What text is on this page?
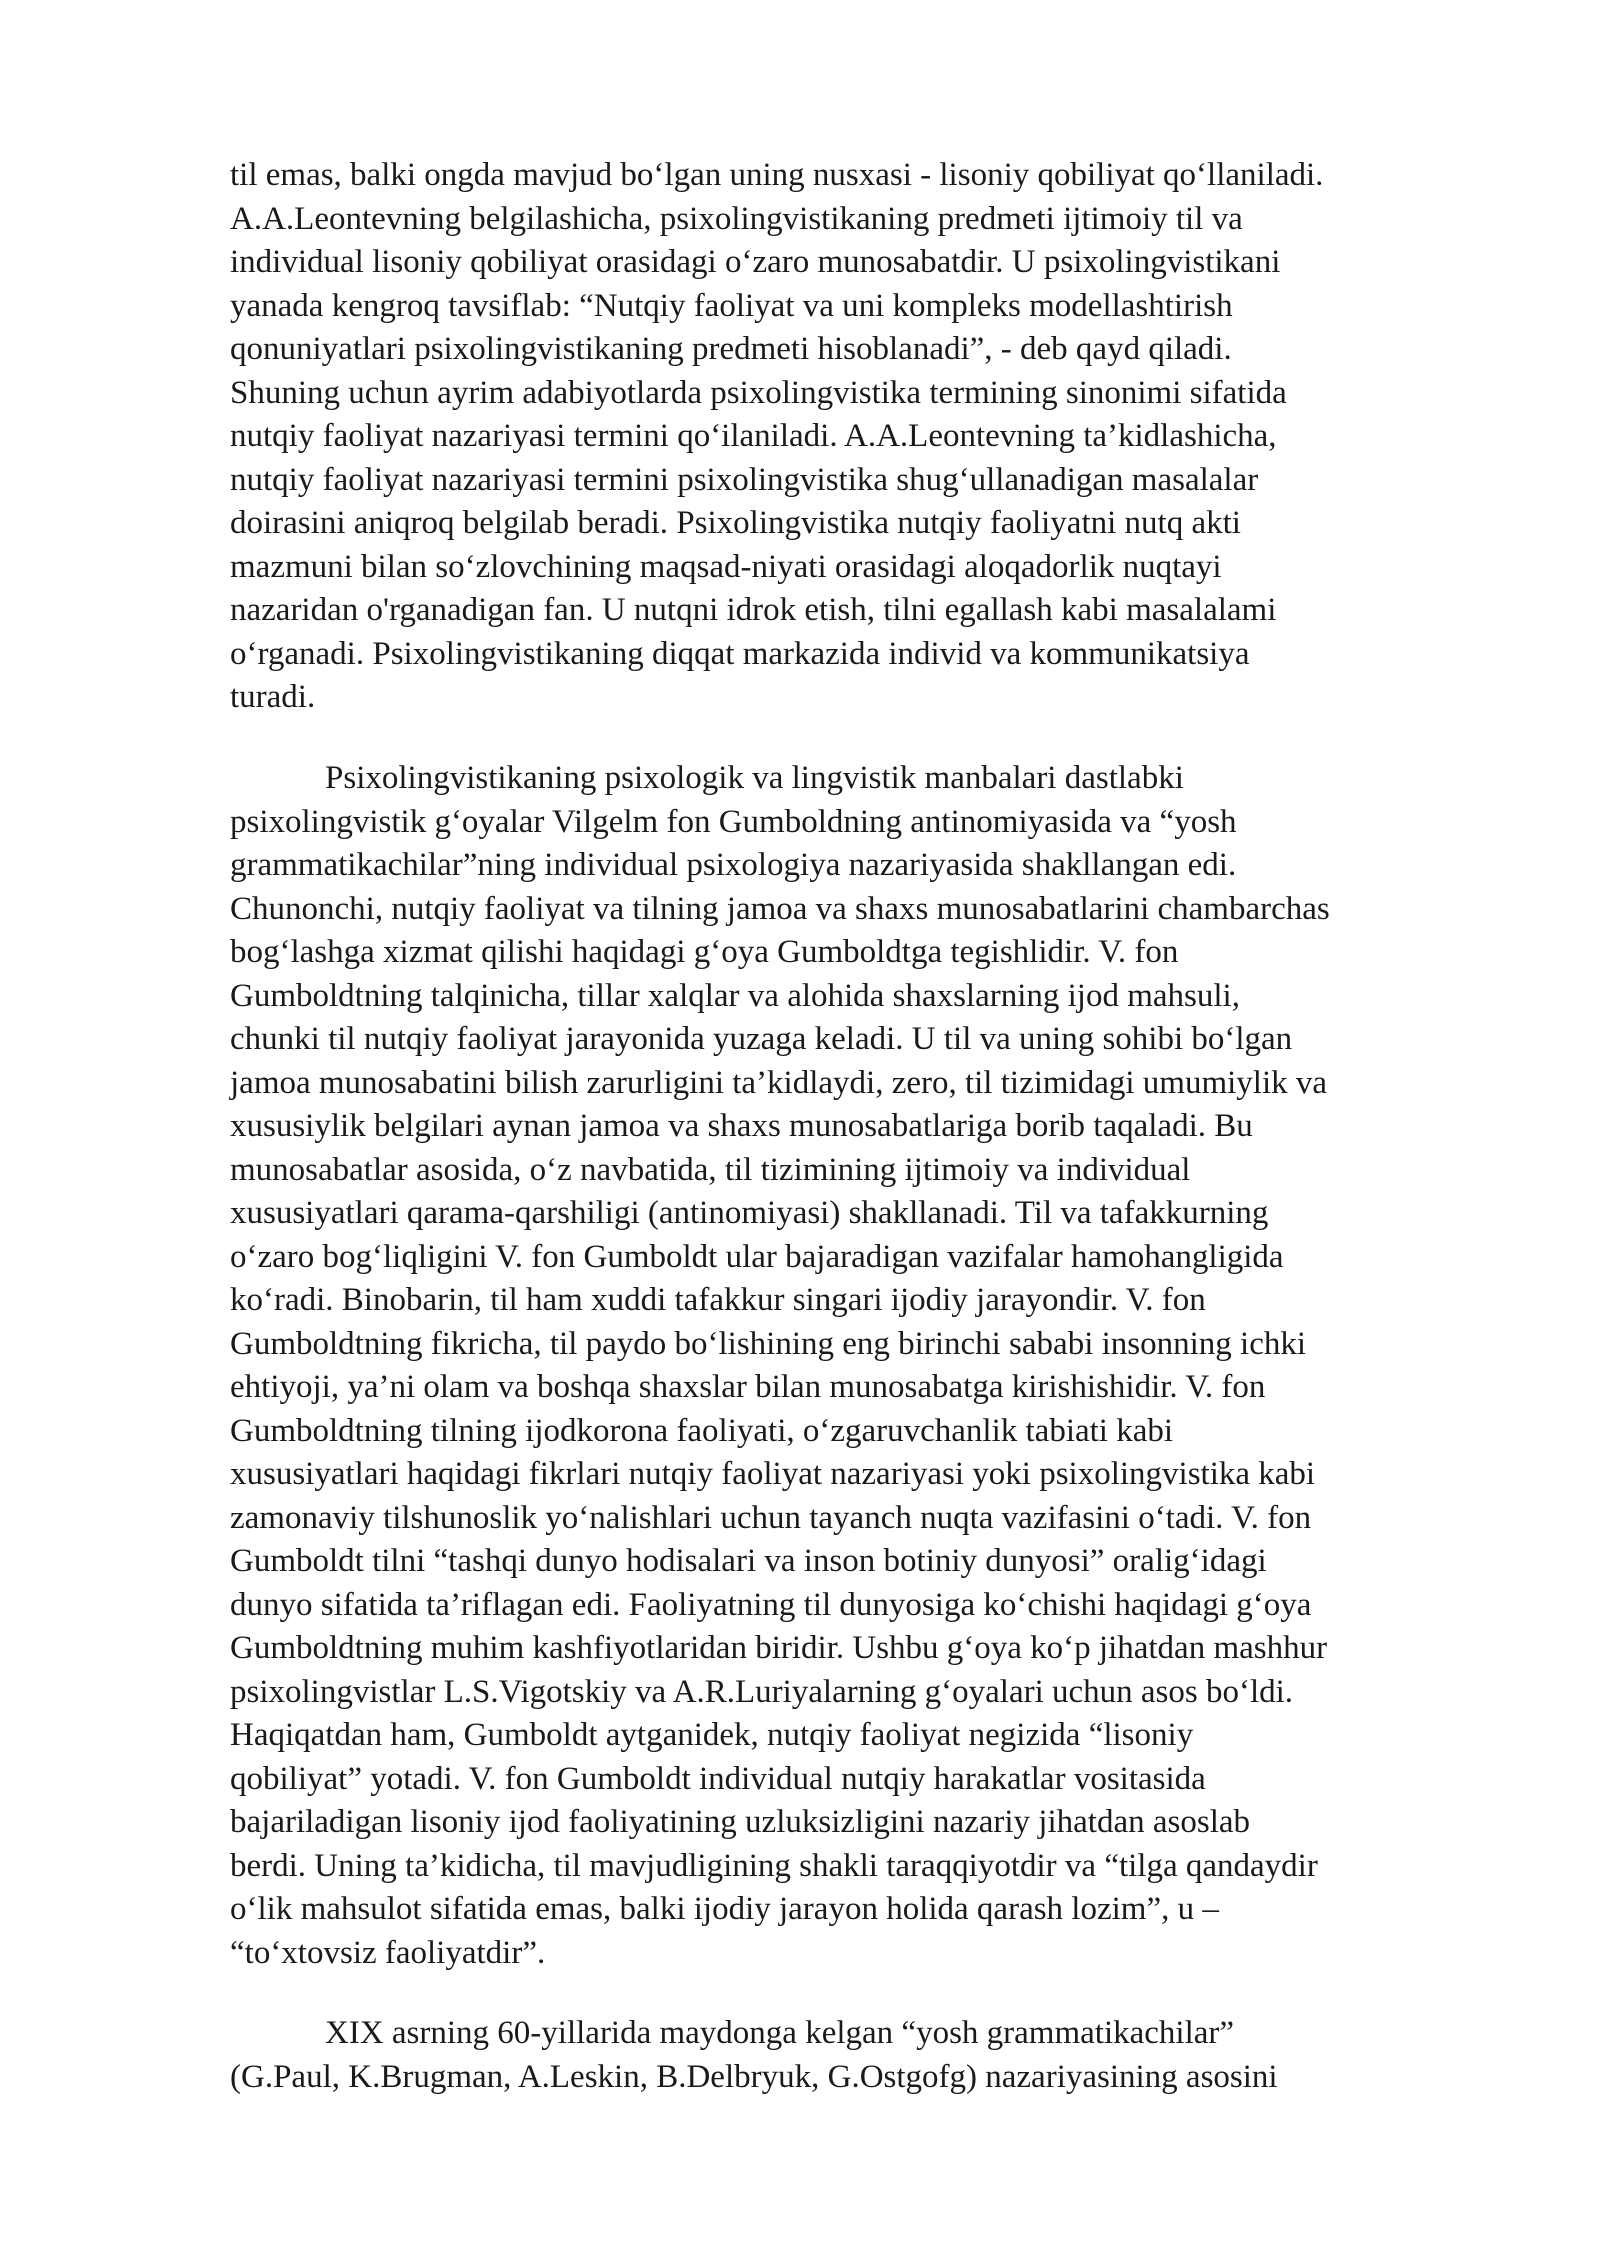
til emas, balki ongda mavjud bo‘lgan uning nusxasi - lisoniy qobiliyat qo‘llaniladi.
A.A.Leontevning belgilashicha, psixolingvistikaning predmeti ijtimoiy til va
individual lisoniy qobiliyat orasidagi o‘zaro munosabatdir. U psixolingvistikani
yanada kengroq tavsiflab: “Nutqiy faoliyat va uni kompleks modellashtirish
qonuniyatlari psixolingvistikaning predmeti hisoblanadi”, - deb qayd qiladi.
Shuning uchun ayrim adabiyotlarda psixolingvistika termining sinonimi sifatida
nutqiy faoliyat nazariyasi termini qo‘ilaniladi. A.A.Leontevning ta’kidlashicha,
nutqiy faoliyat nazariyasi termini psixolingvistika shug‘ullanadigan masalalar
doirasini aniqroq belgilab beradi. Psixolingvistika nutqiy faoliyatni nutq akti
mazmuni bilan so‘zlovchining maqsad-niyati orasidagi aloqadorlik nuqtayi
nazaridan o'rganadigan fan. U nutqni idrok etish, tilni egallash kabi masalalami
o‘rganadi. Psixolingvistikaning diqqat markazida individ va kommunikatsiya
turadi.
Psixolingvistikaning psixologik va lingvistik manbalari dastlabki
psixolingvistik g‘oyalar Vilgelm fon Gumboldning antinomiyasida va “yosh
grammatikachilar”ning individual psixologiya nazariyasida shakllangan edi.
Chunonchi, nutqiy faoliyat va tilning jamoa va shaxs munosabatlarini chambarchas
bog‘lashga xizmat qilishi haqidagi g‘oya Gumboldtga tegishlidir. V. fon
Gumboldtning talqinicha, tillar xalqlar va alohida shaxslarning ijod mahsuli,
chunki til nutqiy faoliyat jarayonida yuzaga keladi. U til va uning sohibi bo‘lgan
jamoa munosabatini bilish zarurligini ta’kidlaydi, zero, til tizimidagi umumiylik va
xususiylik belgilari aynan jamoa va shaxs munosabatlariga borib taqaladi. Bu
munosabatlar asosida, o‘z navbatida, til tizimining ijtimoiy va individual
xususiyatlari qarama-qarshiligi (antinomiyasi) shakllanadi. Til va tafakkurning
o‘zaro bog‘liqligini V. fon Gumboldt ular bajaradigan vazifalar hamohangligida
ko‘radi. Binobarin, til ham xuddi tafakkur singari ijodiy jarayondir. V. fon
Gumboldtning fikricha, til paydo bo‘lishining eng birinchi sababi insonning ichki
ehtiyoji, ya’ni olam va boshqa shaxslar bilan munosabatga kirishishidir. V. fon
Gumboldtning tilning ijodkorona faoliyati, o‘zgaruvchanlik tabiati kabi
xususiyatlari haqidagi fikrlari nutqiy faoliyat nazariyasi yoki psixolingvistika kabi
zamonaviy tilshunoslik yo‘nalishlari uchun tayanch nuqta vazifasini o‘tadi. V. fon
Gumboldt tilni “tashqi dunyo hodisalari va inson botiniy dunyosi” oralig‘idagi
dunyo sifatida ta’riflagan edi. Faoliyatning til dunyosiga ko‘chishi haqidagi g‘oya
Gumboldtning muhim kashfiyotlaridan biridir. Ushbu g‘oya ko‘p jihatdan mashhur
psixolingvistlar L.S.Vigotskiy va A.R.Luriyalarning g‘oyalari uchun asos bo‘ldi.
Haqiqatdan ham, Gumboldt aytganidek, nutqiy faoliyat negizida “lisoniy
qobiliyat” yotadi. V. fon Gumboldt individual nutqiy harakatlar vositasida
bajariladigan lisoniy ijod faoliyatining uzluksizligini nazariy jihatdan asoslab
berdi. Uning ta’kidicha, til mavjudligining shakli taraqqiyotdir va “tilga qandaydir
o‘lik mahsulot sifatida emas, balki ijodiy jarayon holida qarash lozim”, u –
“to‘xtovsiz faoliyatdir”.
XIX asrning 60-yillarida maydonga kelgan “yosh grammatikachilar”
(G.Paul, K.Brugman, A.Leskin, B.Delbryuk, G.Ostgofg) nazariyasining asosini
